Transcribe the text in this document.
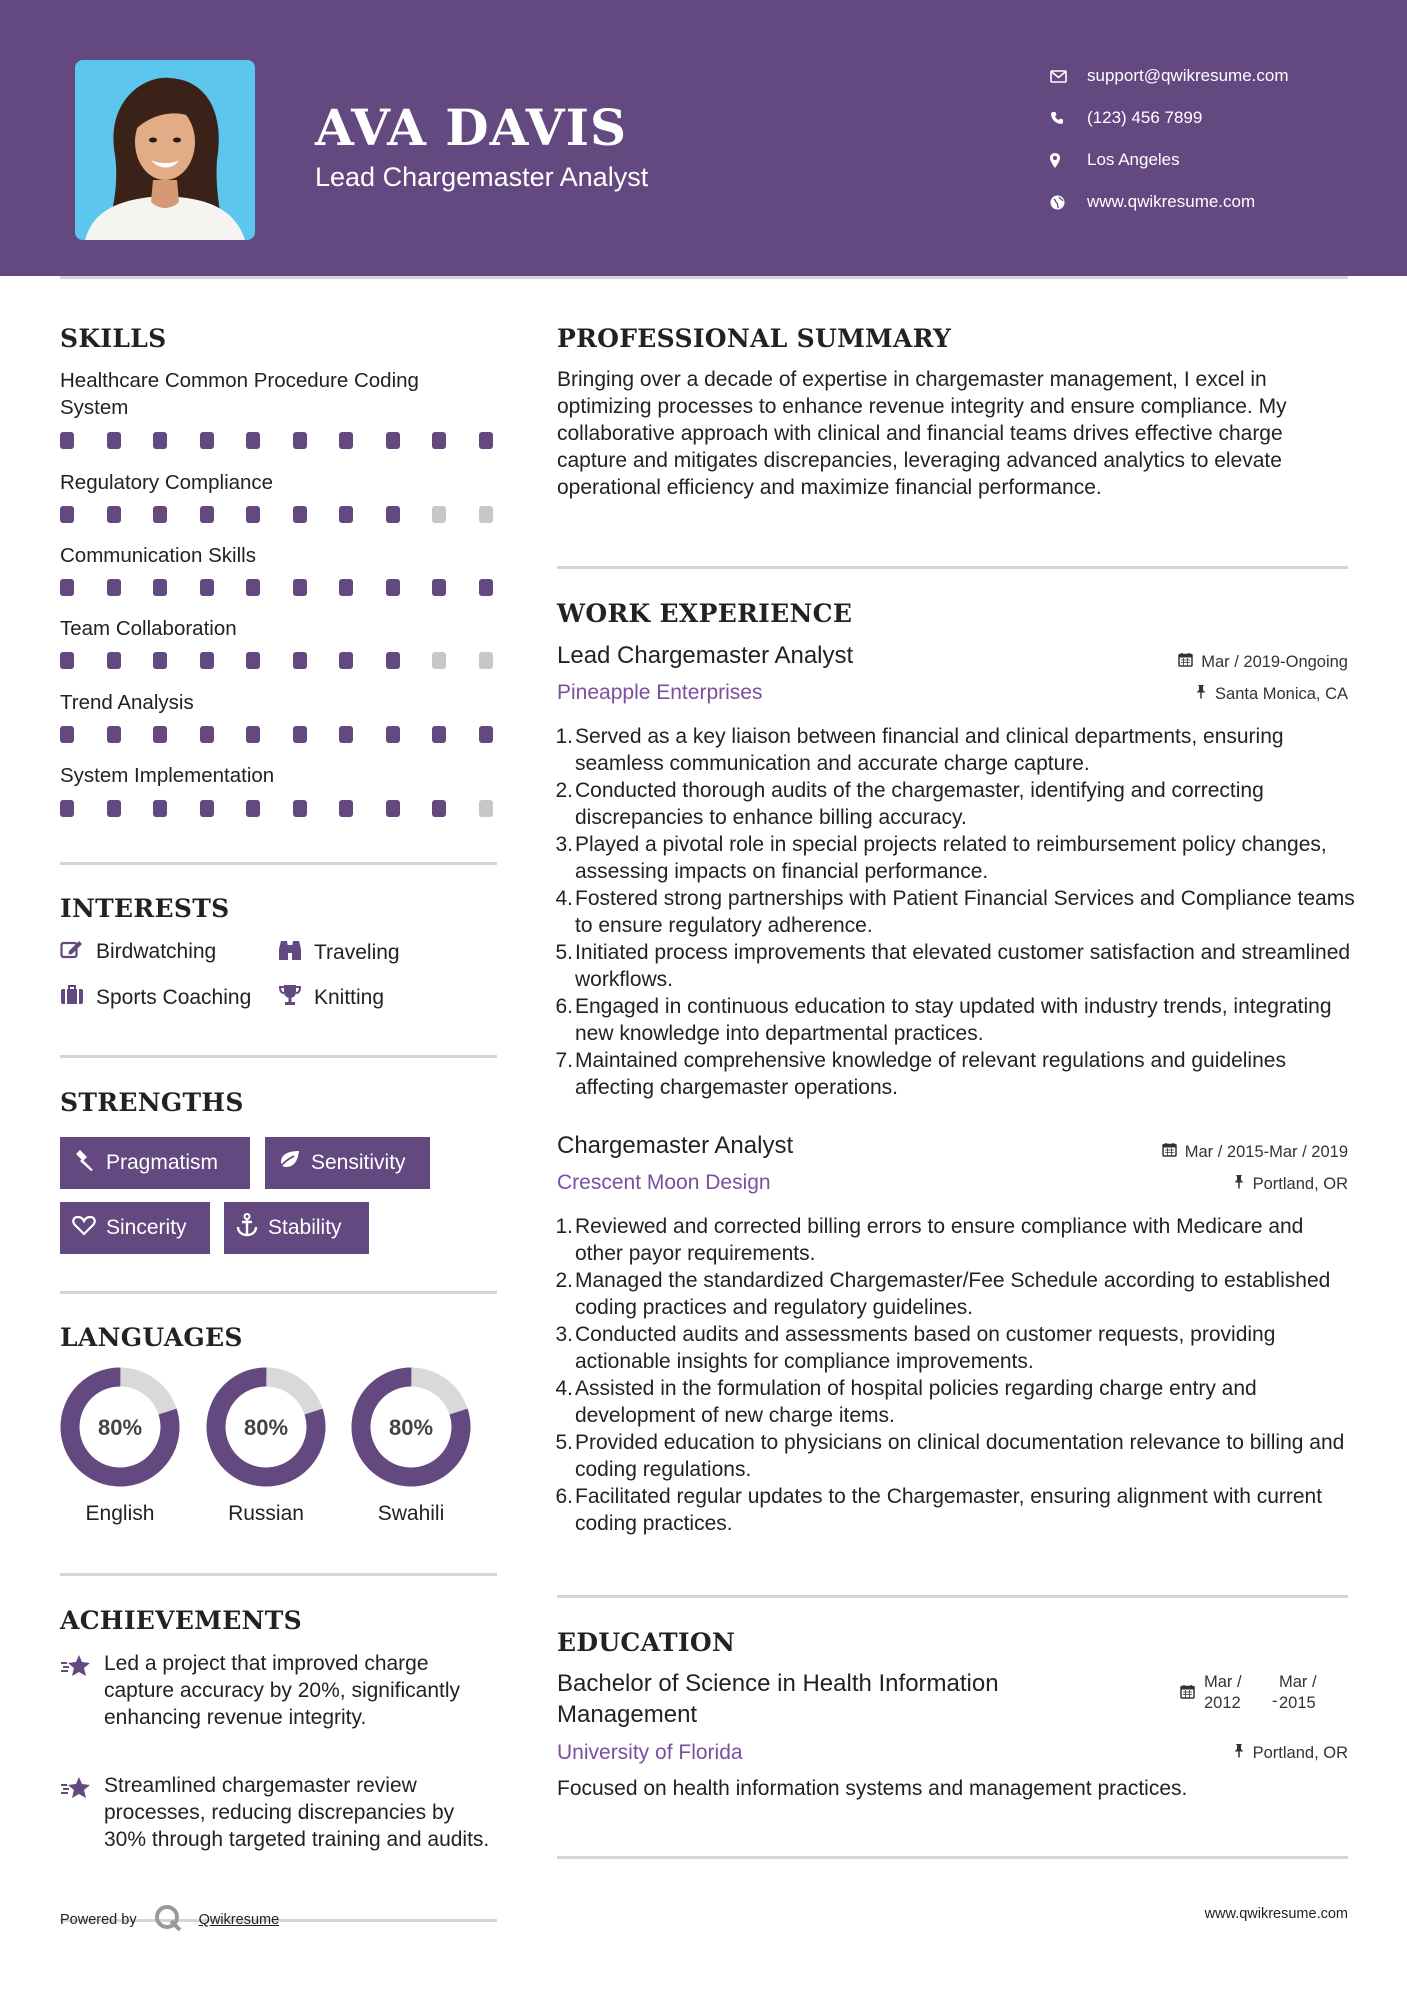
AVA DAVIS
Lead Chargemaster Analyst
support@qwikresume.com
(123) 456 7899
Los Angeles
www.qwikresume.com
SKILLS
Healthcare Common Procedure Coding System
Regulatory Compliance
Communication Skills
Team Collaboration
Trend Analysis
System Implementation
INTERESTS
Birdwatching	Traveling
Sports Coaching	Knitting
STRENGTHS
Pragmatism	Sensitivity
Sincerity	Stability
LANGUAGES
80%
English
80%
Russian
80%
Swahili
ACHIEVEMENTS
Led a project that improved charge capture accuracy by 20%, significantly enhancing revenue integrity.
Streamlined chargemaster review processes, reducing discrepancies by 30% through targeted training and audits.
Powered by	Qwikresume
PROFESSIONAL SUMMARY
Bringing over a decade of expertise in chargemaster management, I excel in optimizing processes to enhance revenue integrity and ensure compliance. My collaborative approach with clinical and financial teams drives effective charge capture and mitigates discrepancies, leveraging advanced analytics to elevate operational efficiency and maximize financial performance.
WORK EXPERIENCE
Lead Chargemaster Analyst	Mar / 2019-Ongoing
Pineapple Enterprises	Santa Monica, CA
1. Served as a key liaison between financial and clinical departments, ensuring seamless communication and accurate charge capture.
2. Conducted thorough audits of the chargemaster, identifying and correcting discrepancies to enhance billing accuracy.
3. Played a pivotal role in special projects related to reimbursement policy changes, assessing impacts on financial performance.
4. Fostered strong partnerships with Patient Financial Services and Compliance teams to ensure regulatory adherence.
5. Initiated process improvements that elevated customer satisfaction and streamlined workflows.
6. Engaged in continuous education to stay updated with industry trends, integrating new knowledge into departmental practices.
7. Maintained comprehensive knowledge of relevant regulations and guidelines affecting chargemaster operations.
Chargemaster Analyst	Mar / 2015-Mar / 2019
Crescent Moon Design	Portland, OR
1. Reviewed and corrected billing errors to ensure compliance with Medicare and other payor requirements.
2. Managed the standardized Chargemaster/Fee Schedule according to established coding practices and regulatory guidelines.
3. Conducted audits and assessments based on customer requests, providing actionable insights for compliance improvements.
4. Assisted in the formulation of hospital policies regarding charge entry and development of new charge items.
5. Provided education to physicians on clinical documentation relevance to billing and coding regulations.
6. Facilitated regular updates to the Chargemaster, ensuring alignment with current coding practices.
EDUCATION
Bachelor of Science in Health Information Management
Mar /
2012 -
Mar /
2015
University of Florida	Portland, OR
Focused on health information systems and management practices.
www.qwikresume.com
